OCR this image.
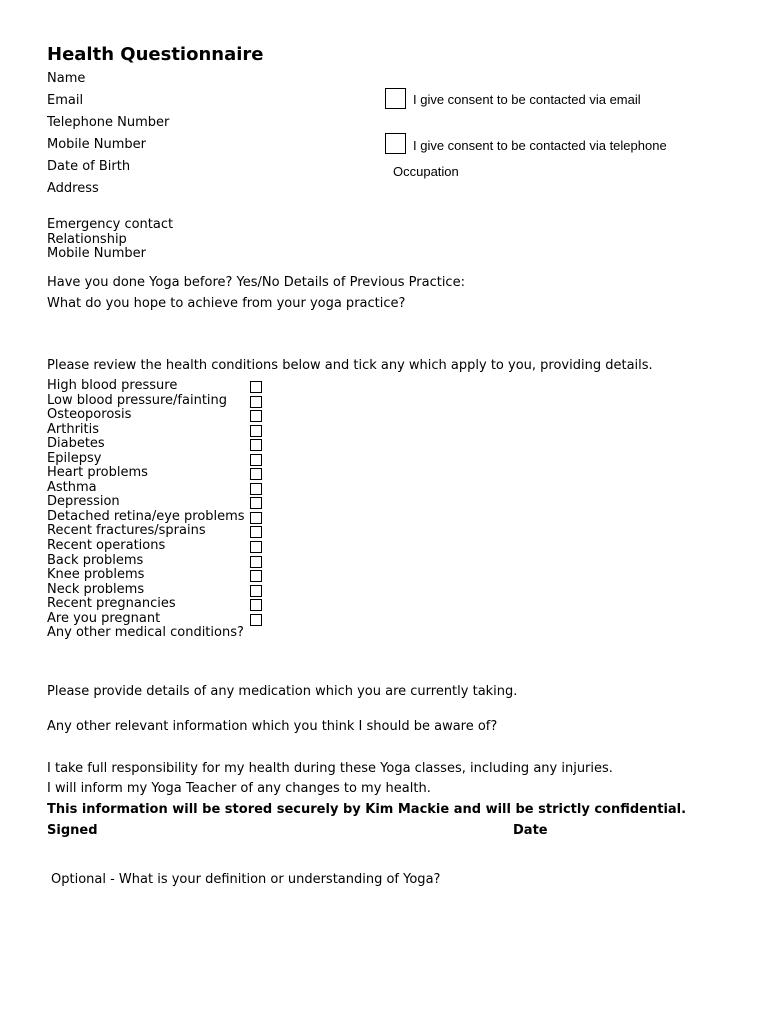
Health Questionnaire
Name
Email
Telephone Number
Mobile Number
Date of Birth
Address
I give consent to be contacted via email
I give consent to be contacted via telephone
Occupation
Emergency contact
Relationship
Mobile Number
Have you done Yoga before? Yes/No Details of Previous Practice:
What do you hope to achieve from your yoga practice?
Please review the health conditions below and tick any which apply to you, providing details.
High blood pressure
Low blood pressure/fainting
Osteoporosis
Arthritis
Diabetes
Epilepsy
Heart problems
Asthma
Depression
Detached retina/eye problems
Recent fractures/sprains
Recent operations
Back problems
Knee problems
Neck problems
Recent pregnancies
Are you pregnant
Any other medical conditions?
Please provide details of any medication which you are currently taking.
Any other relevant information which you think I should be aware of?
I take full responsibility for my health during these Yoga classes, including any injuries.
I will inform my Yoga Teacher of any changes to my health.
This information will be stored securely by Kim Mackie and will be strictly confidential.
Signed	Date
Optional - What is your definition or understanding of Yoga?
